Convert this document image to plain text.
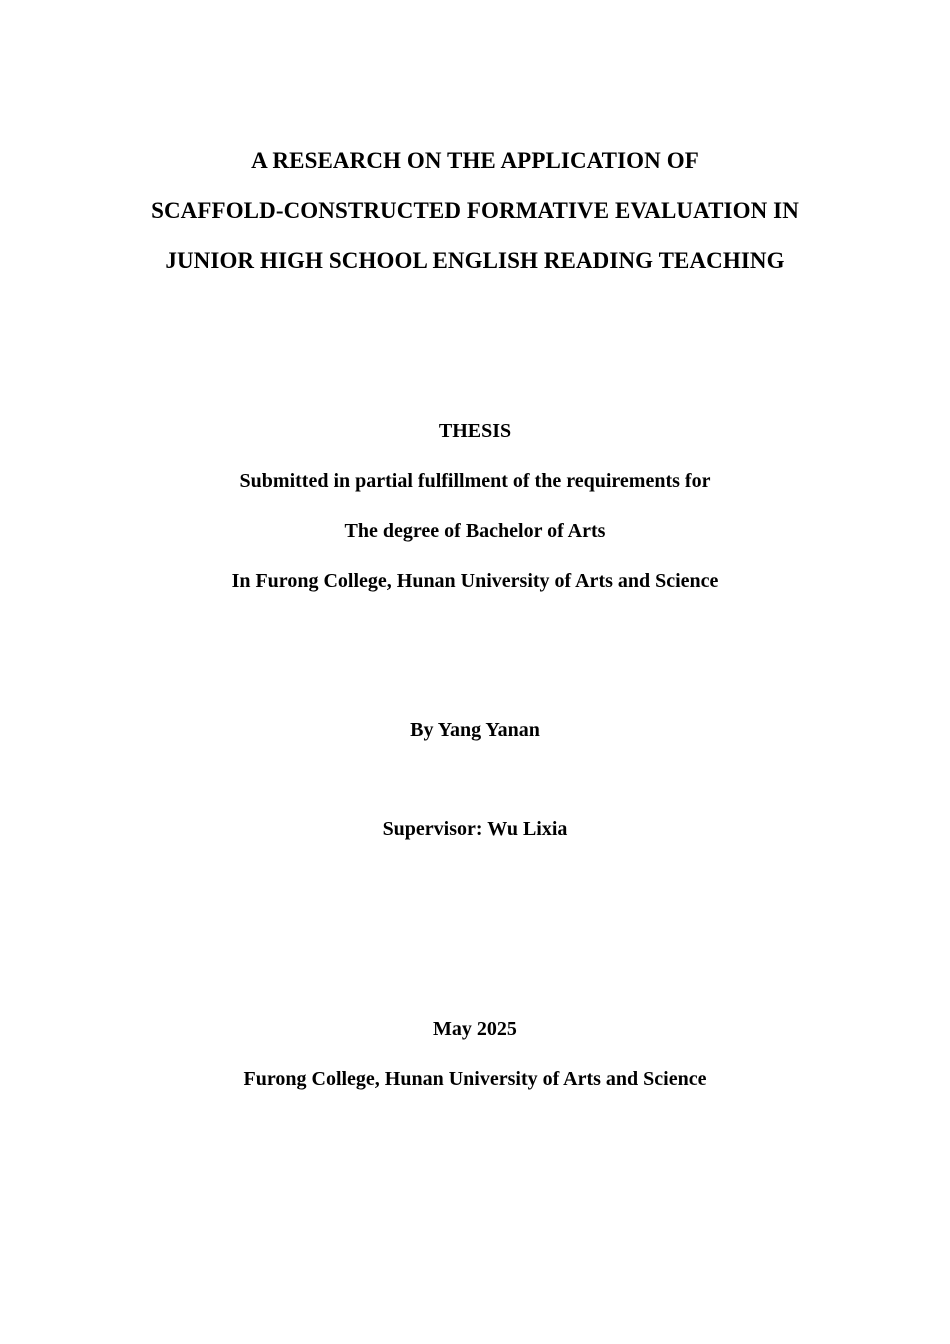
A RESEARCH ON THE APPLICATION OF
SCAFFOLD-CONSTRUCTED FORMATIVE EVALUATION IN
JUNIOR HIGH SCHOOL ENGLISH READING TEACHING
THESIS
Submitted in partial fulfillment of the requirements for
The degree of Bachelor of Arts
In Furong College, Hunan University of Arts and Science
By Yang Yanan
Supervisor: Wu Lixia
May 2025
Furong College, Hunan University of Arts and Science
